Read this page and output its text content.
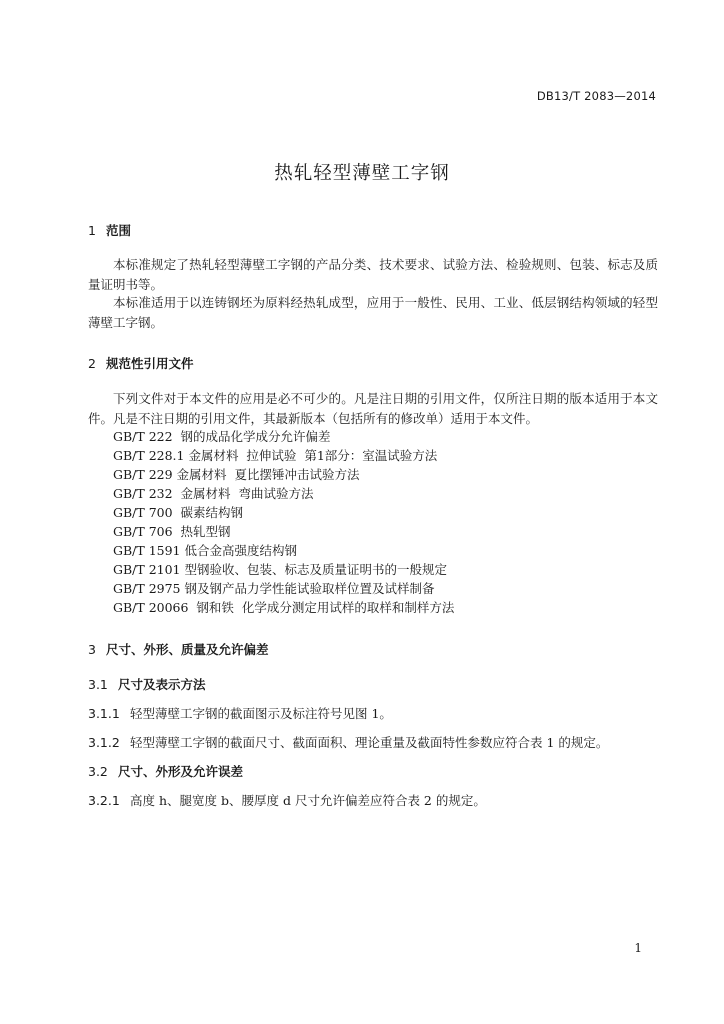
DB13/T 2083—2014
热轧轻型薄壁工字钢
1 范围
本标准规定了热轧轻型薄壁工字钢的产品分类、技术要求、试验方法、检验规则、包装、标志及质量证明书等。
本标准适用于以连铸钢坯为原料经热轧成型，应用于一般性、民用、工业、低层钢结构领域的轻型薄壁工字钢。
2 规范性引用文件
下列文件对于本文件的应用是必不可少的。凡是注日期的引用文件，仅所注日期的版本适用于本文件。凡是不注日期的引用文件，其最新版本（包括所有的修改单）适用于本文件。
GB/T 222  钢的成品化学成分允许偏差
GB/T 228.1 金属材料  拉伸试验  第1部分：室温试验方法
GB/T 229 金属材料  夏比摆锤冲击试验方法
GB/T 232  金属材料  弯曲试验方法
GB/T 700  碳素结构钢
GB/T 706  热轧型钢
GB/T 1591 低合金高强度结构钢
GB/T 2101 型钢验收、包装、标志及质量证明书的一般规定
GB/T 2975 钢及钢产品力学性能试验取样位置及试样制备
GB/T 20066  钢和铁  化学成分测定用试样的取样和制样方法
3 尺寸、外形、质量及允许偏差
3.1 尺寸及表示方法
3.1.1 轻型薄壁工字钢的截面图示及标注符号见图 1。
3.1.2 轻型薄壁工字钢的截面尺寸、截面面积、理论重量及截面特性参数应符合表 1 的规定。
3.2 尺寸、外形及允许误差
3.2.1 高度 h、腿宽度 b、腰厚度 d 尺寸允许偏差应符合表 2 的规定。
1
